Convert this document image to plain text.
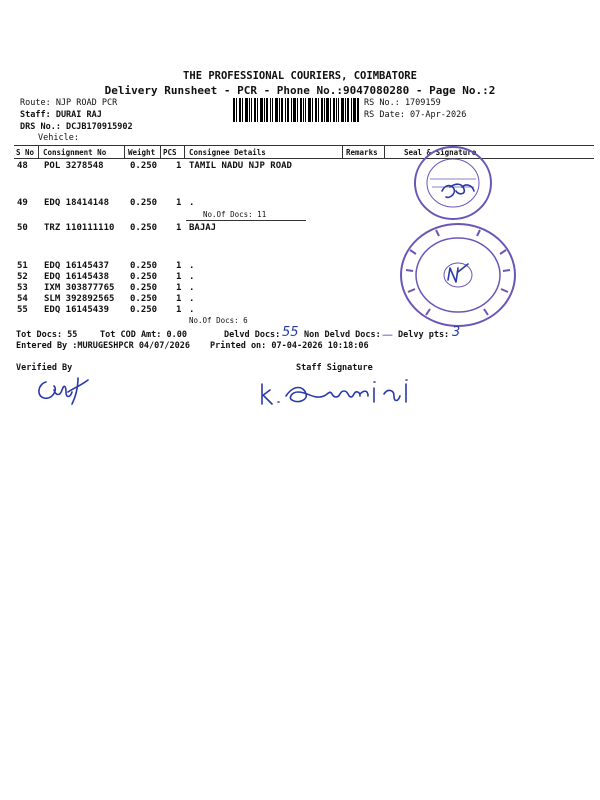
THE PROFESSIONAL COURIERS, COIMBATORE
Delivery Runsheet - PCR - Phone No.:9047080280 - Page No.:2
Route: NJP ROAD PCR
Staff: DURAI RAJ
DRS No.: DCJB170915902
Vehicle:
RS No.: 1709159
RS Date: 07-Apr-2026
S No Consignment No	Weight PCS Consignee Details	Remarks	Seal & Signature
48 POL 3278548	0.250 1 TAMIL NADU NJP ROAD
49 EDQ 18414148 0.250 1 .
No.Of Docs: 11
50 TRZ 110111110 0.250 1 BAJAJ
51 EDQ 16145437 0.250 1 .
52 EDQ 16145438 0.250 1 .
53 IXM 303877765 0.250 1 .
54 SLM 392892565 0.250 1 .
55 EDQ 16145439 0.250 1 .
No.Of Docs: 6
Tot Docs: 55	Tot COD Amt: 0.00	Delvd Docs: 55 Non Delvd Docs: — Delvy pts: 3
Entered By :MURUGESHPCR 04/07/2026 Printed on: 07-04-2026 10:18:06
Verified By	Staff Signature
